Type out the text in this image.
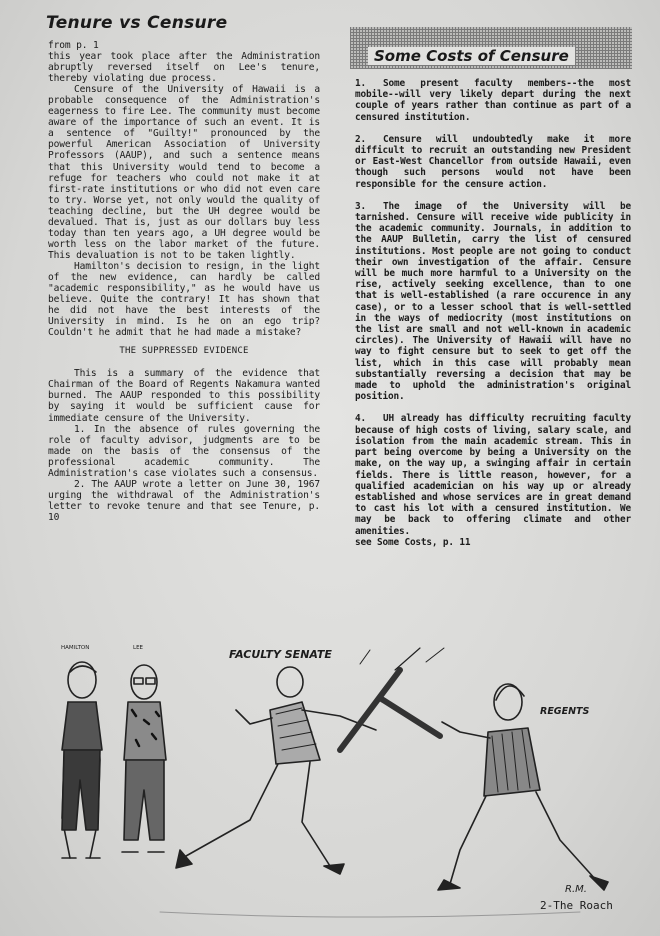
Tenure vs Censure

from p. 1

this year took place after the Administration abruptly reversed itself on Lee's tenure, thereby violating due process.

Censure of the University of Hawaii is a probable consequence of the Administration's eagerness to fire Lee. The community must become aware of the importance of such an event. It is a sentence of "Guilty!" pronounced by the powerful American Association of University Professors (AAUP), and such a sentence means that this University would tend to become a refuge for teachers who could not make it at first-rate institutions or who did not even care to try. Worse yet, not only would the quality of teaching decline, but the UH degree would be devalued. That is, just as our dollars buy less today than ten years ago, a UH degree would be worth less on the labor market of the future. This devaluation is not to be taken lightly.

Hamilton's decision to resign, in the light of the new evidence, can hardly be called "academic responsibility," as he would have us believe. Quite the contrary! It has shown that he did not have the best interests of the University in mind. Is he on an ego trip? Couldn't he admit that he had made a mistake?

THE SUPPRESSED EVIDENCE

This is a summary of the evidence that Chairman of the Board of Regents Nakamura wanted burned. The AAUP responded to this possibility by saying it would be sufficient cause for immediate censure of the University.

1. In the absence of rules governing the role of faculty advisor, judgments are to be made on the basis of the consensus of the professional academic community. The Administration's case violates such a consensus.

2. The AAUP wrote a letter on June 30, 1967 urging the withdrawal of the Administration's letter to revoke tenure and that see Tenure, p. 10

Some Costs of Censure
1. Some present faculty members--the most mobile--will very likely depart during the next couple of years rather than continue as part of a censured institution.
2. Censure will undoubtedly make it more difficult to recruit an outstanding new President or East-West Chancellor from outside Hawaii, even though such persons would not have been responsible for the censure action.
3. The image of the University will be tarnished. Censure will receive wide publicity in the academic community. Journals, in addition to the AAUP Bulletin, carry the list of censured institutions. Most people are not going to conduct their own investigation of the affair. Censure will be much more harmful to a University on the rise, actively seeking excellence, than to one that is well-established (a rare occurence in any case), or to a lesser school that is well-settled in the ways of mediocrity (most institutions on the list are small and not well-known in academic circles). The University of Hawaii will have no way to fight censure but to seek to get off the list, which in this case will probably mean substantially reversing a decision that may be made to uphold the administration's original position.
4. UH already has difficulty recruiting faculty because of high costs of living, salary scale, and isolation from the main academic stream. This in part being overcome by being a University on the make, on the way up, a swinging affair in certain fields. There is little reason, however, for a qualified academician on his way up or already established and whose services are in great demand to cast his lot with a censured institution. We may be back to offering climate and other amenities.

see Some Costs, p. 11

HAMILTON	LEE	FACULTY SENATE
REGENTS
R.M.
2-The Roach
